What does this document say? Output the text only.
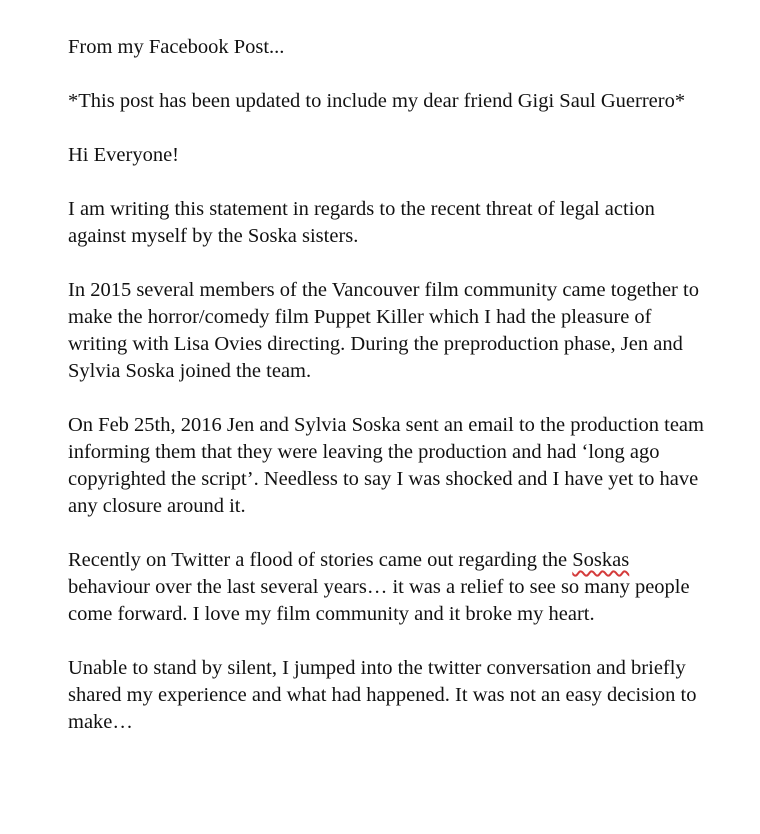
From my Facebook Post...

*This post has been updated to include my dear friend Gigi Saul Guerrero*

Hi Everyone!

I am writing this statement in regards to the recent threat of legal action against myself by the Soska sisters.

In 2015 several members of the Vancouver film community came together to make the horror/comedy film Puppet Killer which I had the pleasure of writing with Lisa Ovies directing. During the preproduction phase, Jen and Sylvia Soska joined the team.

On Feb 25th, 2016 Jen and Sylvia Soska sent an email to the production team informing them that they were leaving the production and had ‘long ago copyrighted the script’. Needless to say I was shocked and I have yet to have any closure around it.

Recently on Twitter a flood of stories came out regarding the Soskas behaviour over the last several years… it was a relief to see so many people come forward. I love my film community and it broke my heart.

Unable to stand by silent, I jumped into the twitter conversation and briefly shared my experience and what had happened. It was not an easy decision to make…
